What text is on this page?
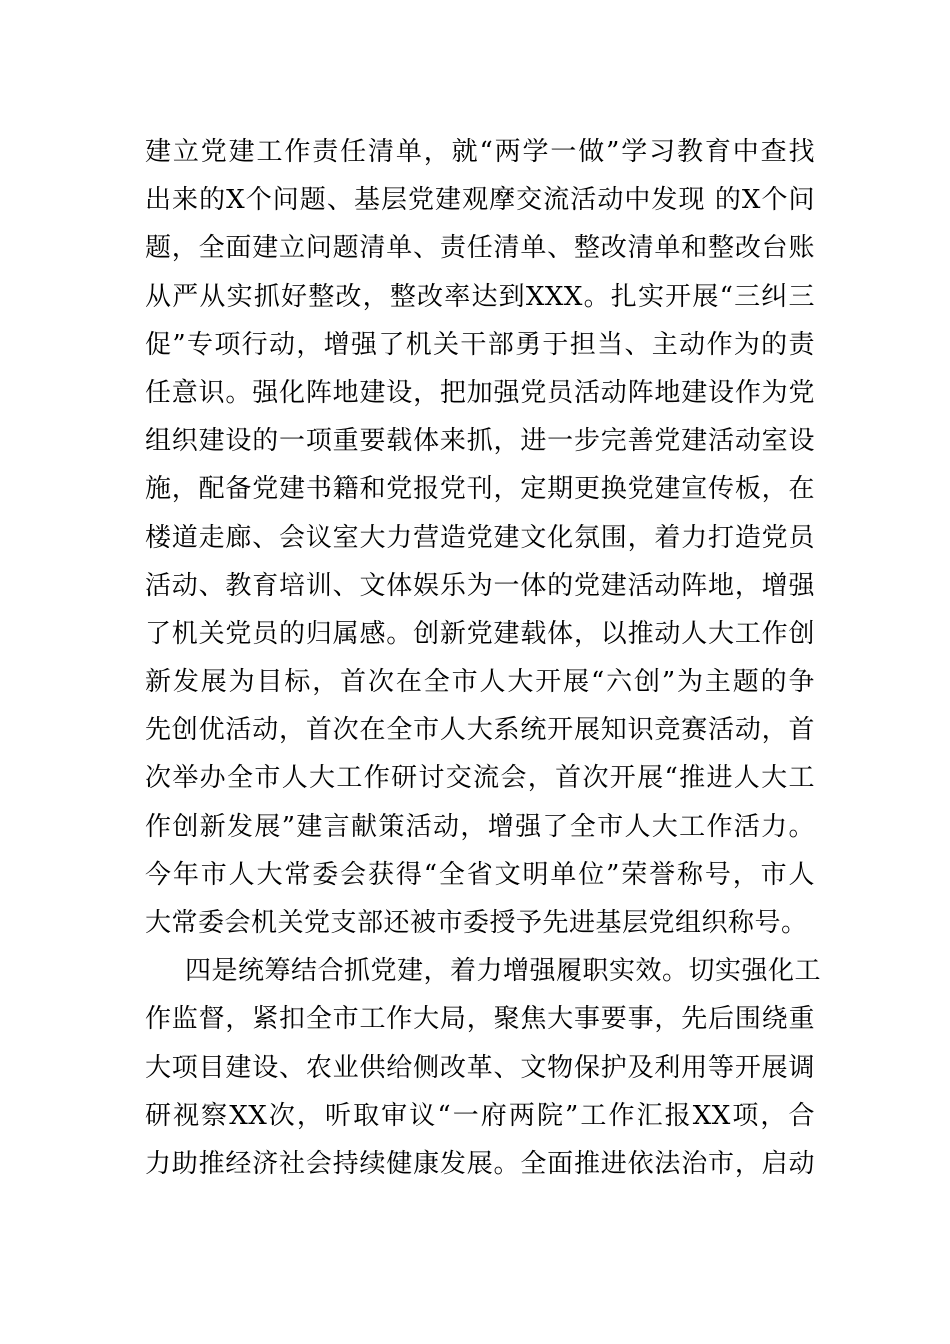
建立党建工作责任清单，就“两学一做”学习教育中查找
出来的X个问题、基层党建观摩交流活动中发现 的X个问
题，全面建立问题清单、责任清单、整改清单和整改台账
从严从实抓好整改，整改率达到XXX。扎实开展“三纠三
促”专项行动，增强了机关干部勇于担当、主动作为的责
任意识。强化阵地建设，把加强党员活动阵地建设作为党
组织建设的一项重要载体来抓，进一步完善党建活动室设
施，配备党建书籍和党报党刊，定期更换党建宣传板，在
楼道走廊、会议室大力营造党建文化氛围，着力打造党员
活动、教育培训、文体娱乐为一体的党建活动阵地，增强
了机关党员的归属感。创新党建载体，以推动人大工作创
新发展为目标，首次在全市人大开展“六创”为主题的争
先创优活动，首次在全市人大系统开展知识竞赛活动，首
次举办全市人大工作研讨交流会，首次开展“推进人大工
作创新发展”建言献策活动，增强了全市人大工作活力。
今年市人大常委会获得“全省文明单位”荣誉称号，市人
大常委会机关党支部还被市委授予先进基层党组织称号。
四是统筹结合抓党建，着力增强履职实效。切实强化工
作监督，紧扣全市工作大局，聚焦大事要事，先后围绕重
大项目建设、农业供给侧改革、文物保护及利用等开展调
研视察XX次，听取审议“一府两院”工作汇报XX项，合
力助推经济社会持续健康发展。全面推进依法治市，启动
